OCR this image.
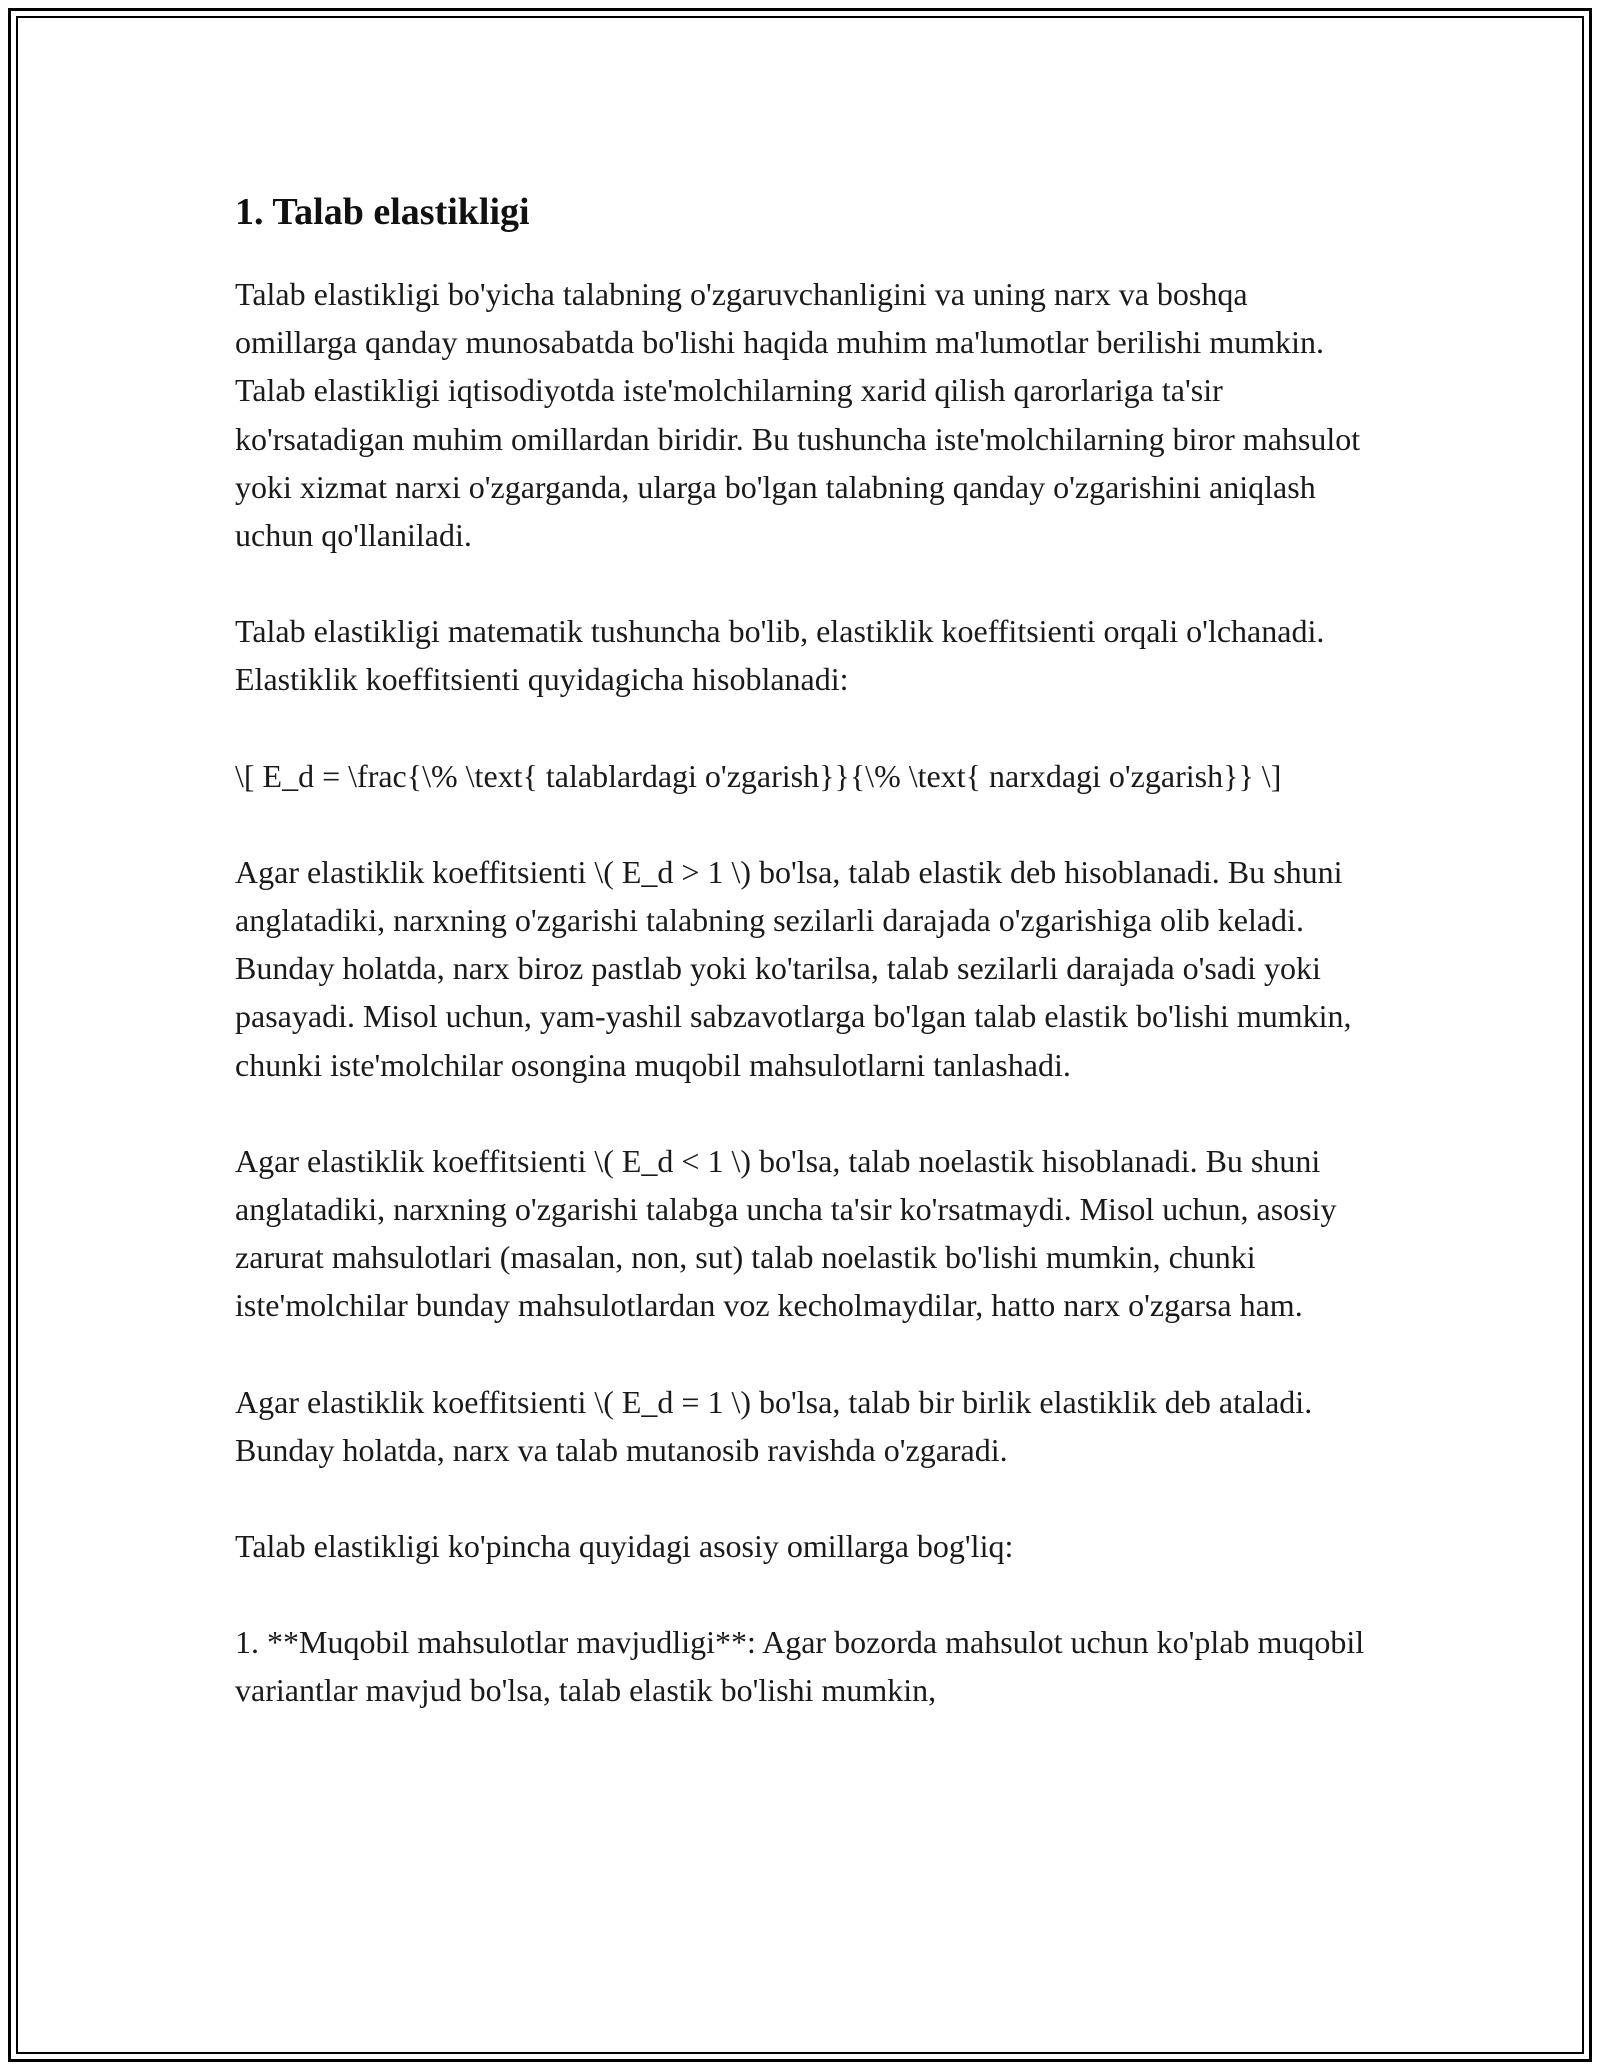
1. Talab elastikligi

Talab elastikligi bo'yicha talabning o'zgaruvchanligini va uning narx va boshqa omillarga qanday munosabatda bo'lishi haqida muhim ma'lumotlar berilishi mumkin. Talab elastikligi iqtisodiyotda iste'molchilarning xarid qilish qarorlariga ta'sir ko'rsatadigan muhim omillardan biridir. Bu tushuncha iste'molchilarning biror mahsulot yoki xizmat narxi o'zgarganda, ularga bo'lgan talabning qanday o'zgarishini aniqlash uchun qo'llaniladi.

Talab elastikligi matematik tushuncha bo'lib, elastiklik koeffitsienti orqali o'lchanadi. Elastiklik koeffitsienti quyidagicha hisoblanadi:

\[ E_d = \frac{\% \text{ talablardagi o'zgarish}}{\% \text{ narxdagi o'zgarish}} \]

Agar elastiklik koeffitsienti \( E_d > 1 \) bo'lsa, talab elastik deb hisoblanadi. Bu shuni anglatadiki, narxning o'zgarishi talabning sezilarli darajada o'zgarishiga olib keladi. Bunday holatda, narx biroz pastlab yoki ko'tarilsa, talab sezilarli darajada o'sadi yoki pasayadi. Misol uchun, yam-yashil sabzavotlarga bo'lgan talab elastik bo'lishi mumkin, chunki iste'molchilar osongina muqobil mahsulotlarni tanlashadi.

Agar elastiklik koeffitsienti \( E_d < 1 \) bo'lsa, talab noelastik hisoblanadi. Bu shuni anglatadiki, narxning o'zgarishi talabga uncha ta'sir ko'rsatmaydi. Misol uchun, asosiy zarurat mahsulotlari (masalan, non, sut) talab noelastik bo'lishi mumkin, chunki iste'molchilar bunday mahsulotlardan voz kecholmaydilar, hatto narx o'zgarsa ham.

Agar elastiklik koeffitsienti \( E_d = 1 \) bo'lsa, talab bir birlik elastiklik deb ataladi. Bunday holatda, narx va talab mutanosib ravishda o'zgaradi.

Talab elastikligi ko'pincha quyidagi asosiy omillarga bog'liq:

1. **Muqobil mahsulotlar mavjudligi**: Agar bozorda mahsulot uchun ko'plab muqobil variantlar mavjud bo'lsa, talab elastik bo'lishi mumkin,
